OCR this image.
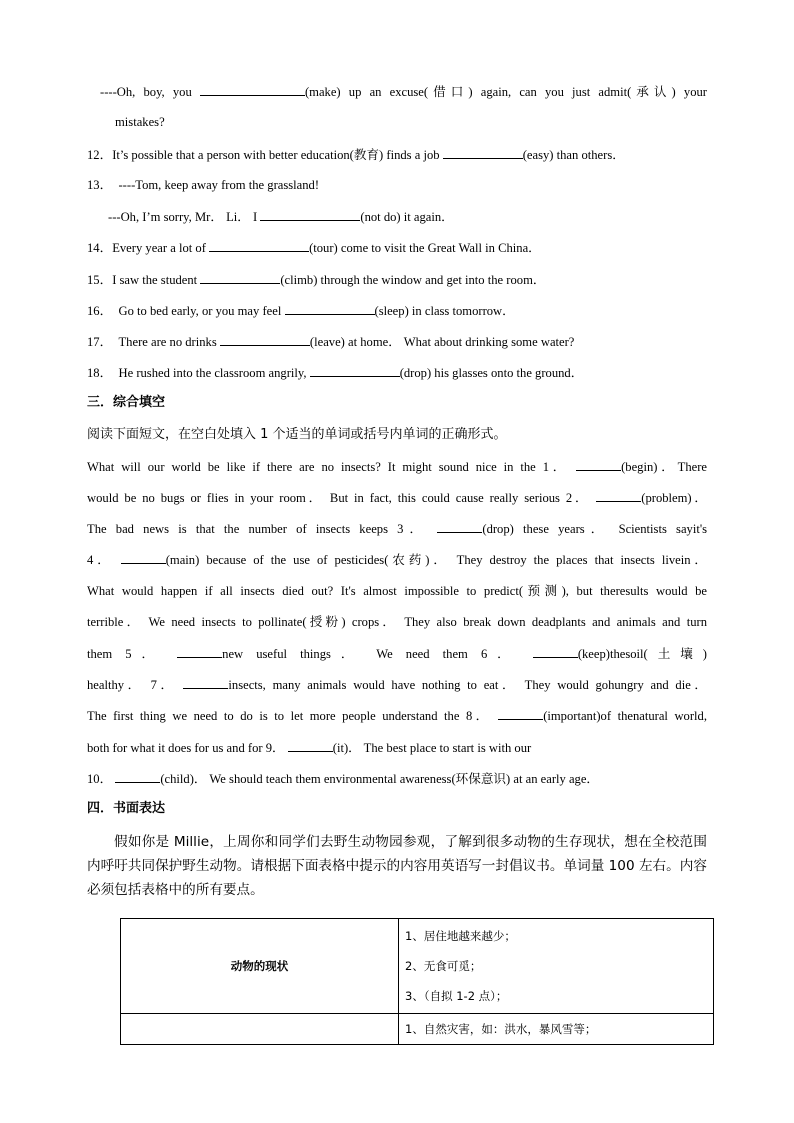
----Oh, boy, you	(make) up an excuse(借口) again, can you just admit(承认) your
mistakes?
12．It’s possible that a person with better education(教育) finds a job	(easy) than others．
13． ----Tom, keep away from the grassland!
---Oh, I’m sorry, Mr． Li． I	(not do) it again．
14．Every year a lot of	(tour) come to visit the Great Wall in China．
15．I saw the student	(climb) through the window and get into the room．
16． Go to bed early, or you may feel	(sleep) in class tomorrow．
17． There are no drinks	(leave) at home． What about drinking some water?
18． He rushed into the classroom angrily,	(drop) his glasses onto the ground．
三．综合填空
阅读下面短文，在空白处填入 1 个适当的单词或括号内单词的正确形式。
What will our world be like if there are no insects? It might sound nice in the 1．	(begin)．There
would be no bugs or flies in your room． But in fact, this could cause really serious 2．	(problem)．
The bad news is that the number of insects keeps 3．	(drop) these years． Scientists sayit's
4．	(main) because of the use of pesticides(农药)． They destroy the places that insects livein．
What would happen if all insects died out? It's almost impossible to predict(预测), but theresults would be
terrible． We need insects to pollinate(授粉) crops． They also break down deadplants and animals and turn
them 5．	new useful things． We need them 6．	(keep)thesoil(土壤)
healthy． 7．	insects, many animals would have nothing to eat． They would gohungry and die．
The first thing we need to do is to let more people understand the 8．	(important)of thenatural world,
both for what it does for us and for 9．	(it)． The best place to start is with our
10．	(child)． We should teach them environmental awareness(环保意识) at an early age．
四．书面表达
假如你是 Millie，上周你和同学们去野生动物园参观，了解到很多动物的生存现状，想在全校范围内呼吁共同保护野生动物。请根据下面表格中提示的内容用英语写一封倡议书。单词量 100 左右。内容必须包括表格中的所有要点。
动物的现状	1、居住地越来越少；
2、无食可觅；
3、（自拟 1-2 点）；

	1、自然灾害，如：洪水，暴风雪等；
